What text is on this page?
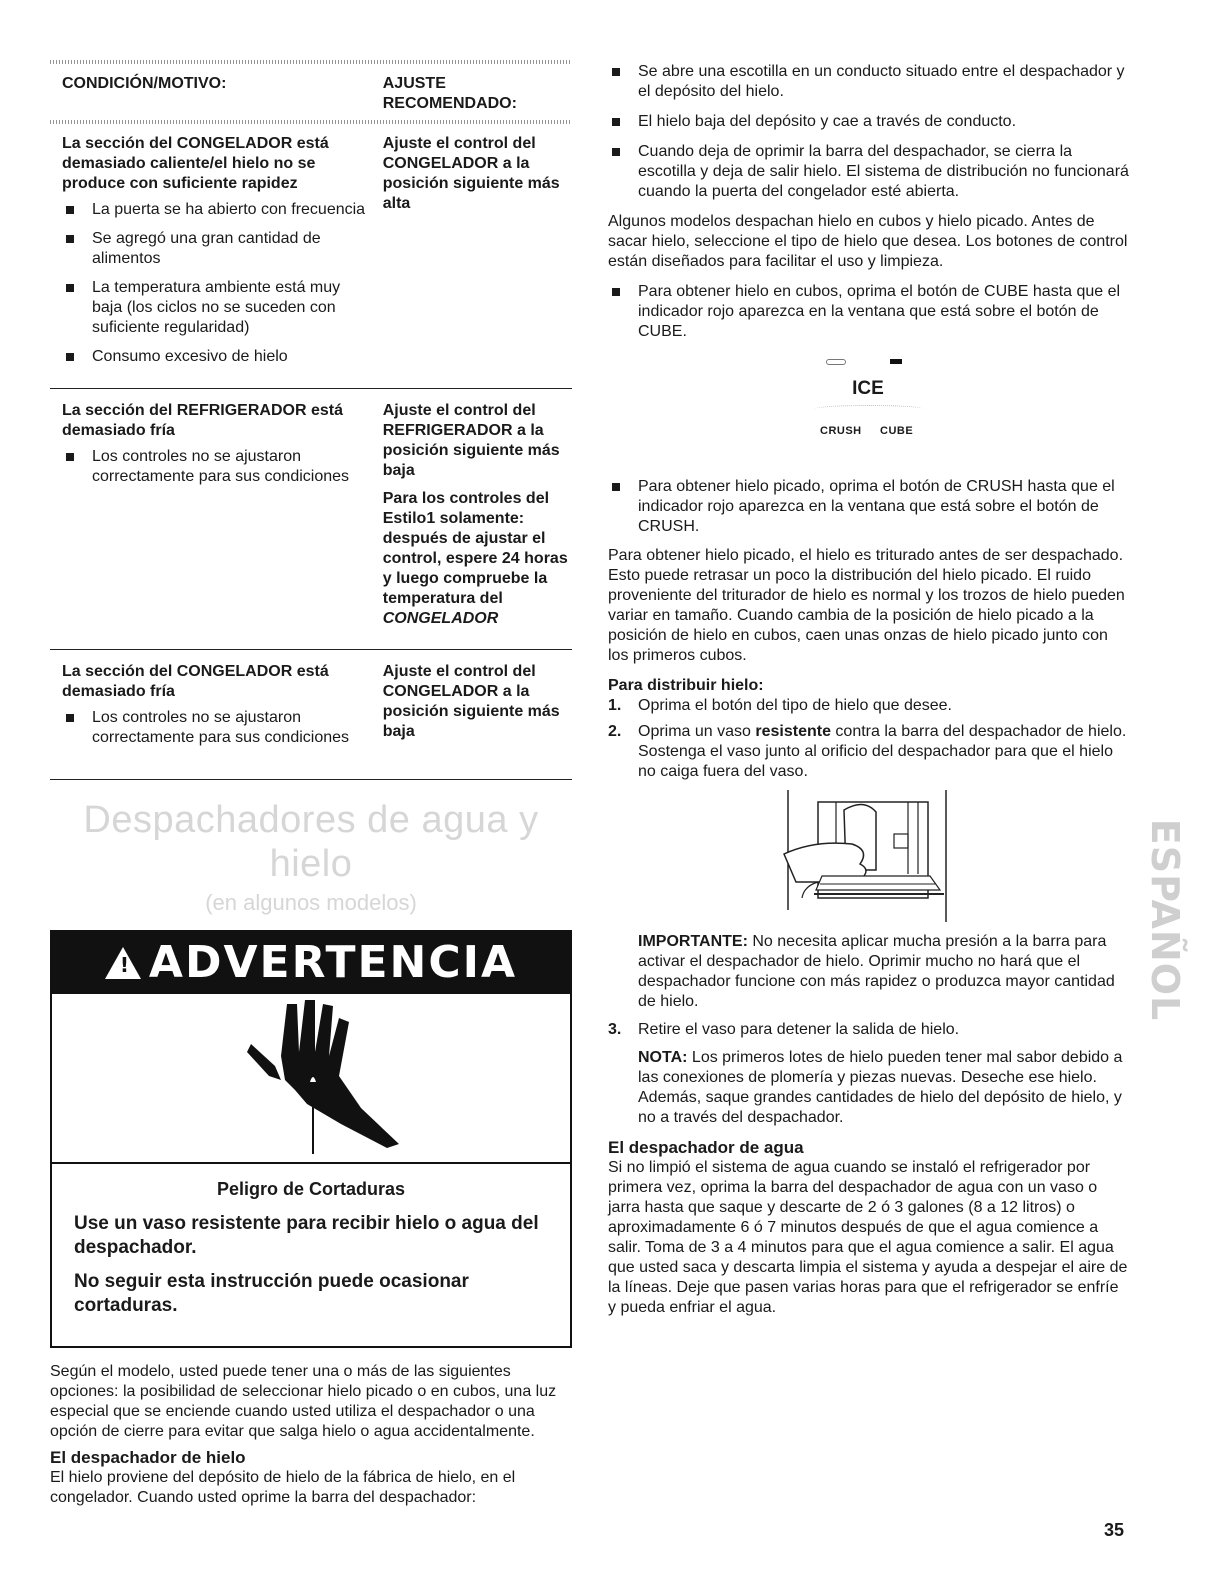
CONDICIÓN/MOTIVO:	AJUSTE RECOMENDADO:
La sección del CONGELADOR está demasiado caliente/el hielo no se produce con suficiente rapidez
La puerta se ha abierto con frecuencia
Se agregó una gran cantidad de alimentos
La temperatura ambiente está muy baja (los ciclos no se suceden con suficiente regularidad)
Consumo excesivo de hielo

Ajuste el control del CONGELADOR a la posición siguiente más alta

La sección del REFRIGERADOR está demasiado fría
Los controles no se ajustaron correctamente para sus condiciones

Ajuste el control del REFRIGERADOR a la posición siguiente más baja

Para los controles del Estilo1 solamente: después de ajustar el control, espere 24 horas y luego compruebe la temperatura del CONGELADOR

La sección del CONGELADOR está demasiado fría
Los controles no se ajustaron correctamente para sus condiciones

Ajuste el control del CONGELADOR a la posición siguiente más baja

Despachadores de agua y hielo
(en algunos modelos)
! ADVERTENCIA
Peligro de Cortaduras
Use un vaso resistente para recibir hielo o agua del despachador.
No seguir esta instrucción puede ocasionar cortaduras.

Según el modelo, usted puede tener una o más de las siguientes opciones: la posibilidad de seleccionar hielo picado o en cubos, una luz especial que se enciende cuando usted utiliza el despachador o una opción de cierre para evitar que salga hielo o agua accidentalmente.

El despachador de hielo

El hielo proviene del depósito de hielo de la fábrica de hielo, en el congelador. Cuando usted oprime la barra del despachador:

Se abre una escotilla en un conducto situado entre el despachador y el depósito del hielo.
El hielo baja del depósito y cae a través de conducto.
Cuando deja de oprimir la barra del despachador, se cierra la escotilla y deja de salir hielo. El sistema de distribución no funcionará cuando la puerta del congelador esté abierta.

Algunos modelos despachan hielo en cubos y hielo picado. Antes de sacar hielo, seleccione el tipo de hielo que desea. Los botones de control están diseñados para facilitar el uso y limpieza.

Para obtener hielo en cubos, oprima el botón de CUBE hasta que el indicador rojo aparezca en la ventana que está sobre el botón de CUBE.
ICE
CRUSH CUBE
Para obtener hielo picado, oprima el botón de CRUSH hasta que el indicador rojo aparezca en la ventana que está sobre el botón de CRUSH.

Para obtener hielo picado, el hielo es triturado antes de ser despachado. Esto puede retrasar un poco la distribución del hielo picado. El ruido proveniente del triturador de hielo es normal y los trozos de hielo pueden variar en tamaño. Cuando cambia de la posición de hielo picado a la posición de hielo en cubos, caen unas onzas de hielo picado junto con los primeros cubos.

Para distribuir hielo:
1. Oprima el botón del tipo de hielo que desee.
2. Oprima un vaso resistente contra la barra del despachador de hielo. Sostenga el vaso junto al orificio del despachador para que el hielo no caiga fuera del vaso.

IMPORTANTE: No necesita aplicar mucha presión a la barra para activar el despachador de hielo. Oprimir mucho no hará que el despachador funcione con más rapidez o produzca mayor cantidad de hielo.

3. Retire el vaso para detener la salida de hielo.

NOTA: Los primeros lotes de hielo pueden tener mal sabor debido a las conexiones de plomería y piezas nuevas. Deseche ese hielo. Además, saque grandes cantidades de hielo del depósito de hielo, y no a través del despachador.

El despachador de agua

Si no limpió el sistema de agua cuando se instaló el refrigerador por primera vez, oprima la barra del despachador de agua con un vaso o jarra hasta que saque y descarte de 2 ó 3 galones (8 a 12 litros) o aproximadamente 6 ó 7 minutos después de que el agua comience a salir. Toma de 3 a 4 minutos para que el agua comience a salir. El agua que usted saca y descarta limpia el sistema y ayuda a despejar el aire de la líneas. Deje que pasen varias horas para que el refrigerador se enfríe y pueda enfriar el agua.

ESPAÑOL
35
